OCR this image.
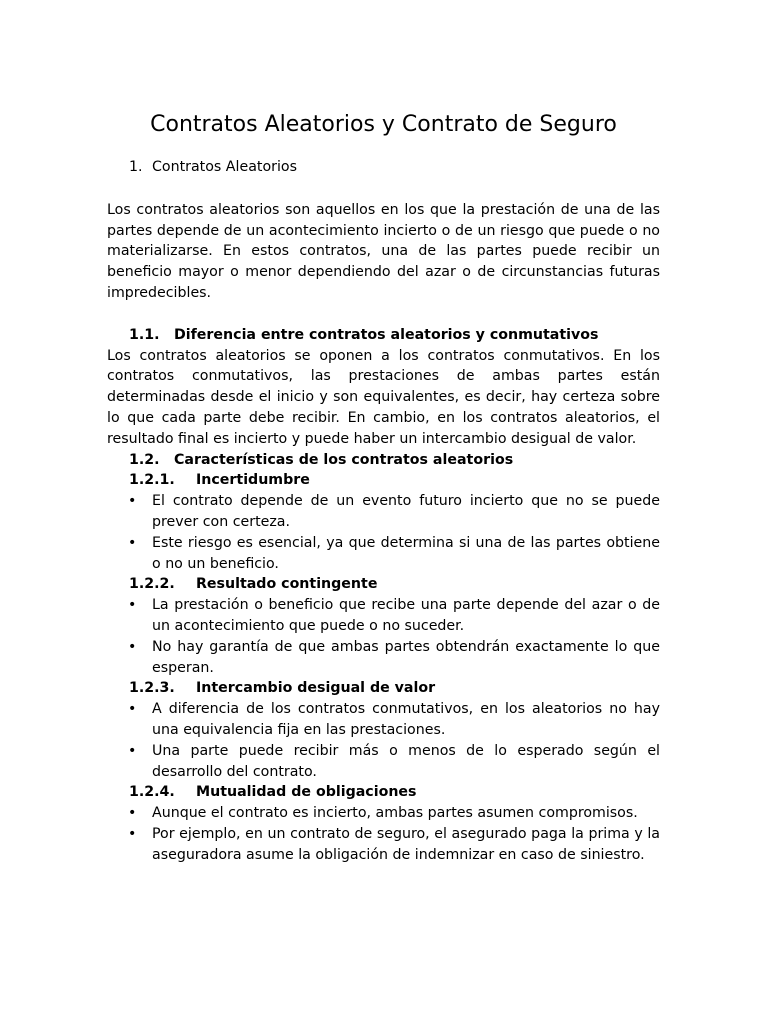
Contratos Aleatorios y Contrato de Seguro
1. Contratos Aleatorios

Los contratos aleatorios son aquellos en los que la prestación de una de las partes depende de un acontecimiento incierto o de un riesgo que puede o no materializarse. En estos contratos, una de las partes puede recibir un beneficio mayor o menor dependiendo del azar o de circunstancias futuras impredecibles.

1.1.	Diferencia entre contratos aleatorios y conmutativos

Los contratos aleatorios se oponen a los contratos conmutativos. En los contratos conmutativos, las prestaciones de ambas partes están determinadas desde el inicio y son equivalentes, es decir, hay certeza sobre lo que cada parte debe recibir. En cambio, en los contratos aleatorios, el resultado final es incierto y puede haber un intercambio desigual de valor.

1.2.	Características de los contratos aleatorios
1.2.1.	Incertidumbre
• El contrato depende de un evento futuro incierto que no se puede prever con certeza.
• Este riesgo es esencial, ya que determina si una de las partes obtiene o no un beneficio.
1.2.2.	Resultado contingente
• La prestación o beneficio que recibe una parte depende del azar o de un acontecimiento que puede o no suceder.
• No hay garantía de que ambas partes obtendrán exactamente lo que esperan.
1.2.3.	Intercambio desigual de valor
• A diferencia de los contratos conmutativos, en los aleatorios no hay una equivalencia fija en las prestaciones.
• Una parte puede recibir más o menos de lo esperado según el desarrollo del contrato.
1.2.4.	Mutualidad de obligaciones
• Aunque el contrato es incierto, ambas partes asumen compromisos.
• Por ejemplo, en un contrato de seguro, el asegurado paga la prima y la aseguradora asume la obligación de indemnizar en caso de siniestro.
